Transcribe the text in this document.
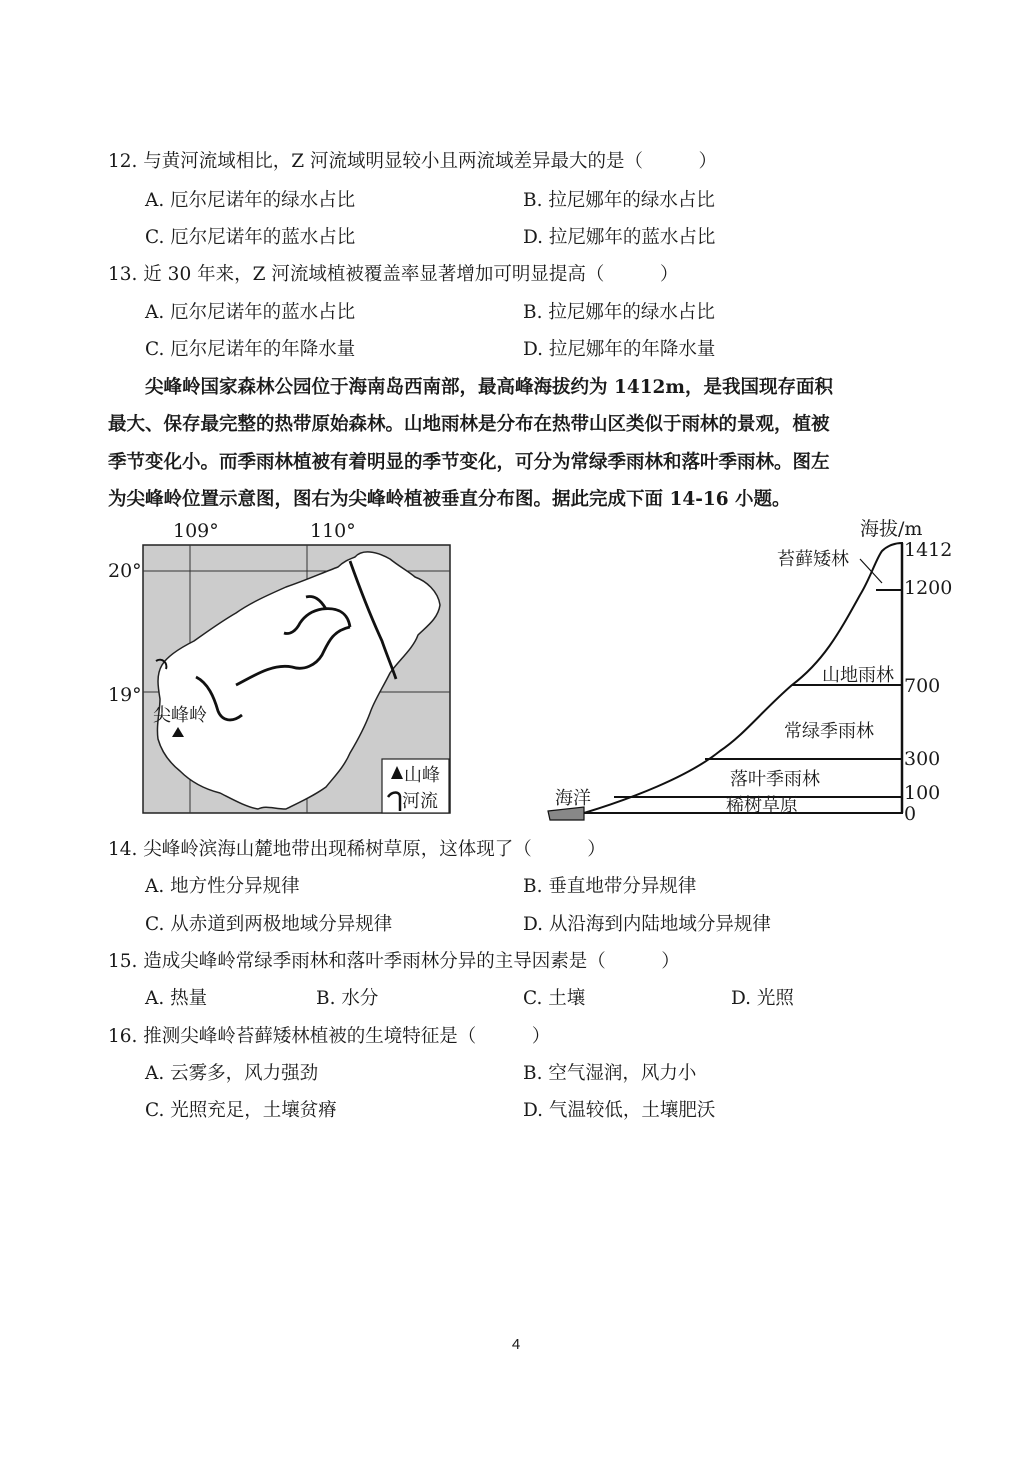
12. 与黄河流域相比，Z 河流域明显较小且两流域差异最大的是（　　　）
A. 厄尔尼诺年的绿水占比	B. 拉尼娜年的绿水占比
C. 厄尔尼诺年的蓝水占比	D. 拉尼娜年的蓝水占比
13. 近 30 年来，Z 河流域植被覆盖率显著增加可明显提高（　　　）
A. 厄尔尼诺年的蓝水占比	B. 拉尼娜年的绿水占比
C. 厄尔尼诺年的年降水量	D. 拉尼娜年的年降水量
　　尖峰岭国家森林公园位于海南岛西南部，最高峰海拔约为 1412m，是我国现存面积
最大、保存最完整的热带原始森林。山地雨林是分布在热带山区类似于雨林的景观，植被
季节变化小。而季雨林植被有着明显的季节变化，可分为常绿季雨林和落叶季雨林。图左
为尖峰岭位置示意图，图右为尖峰岭植被垂直分布图。据此完成下面 14-16 小题。
109°	110°
20°
19°
尖峰岭
山峰
河流
海拔/m
1412
1200
700
300
100
0
苔藓矮林
山地雨林
常绿季雨林
落叶季雨林
稀树草原
海洋
14. 尖峰岭滨海山麓地带出现稀树草原，这体现了（　　　）
A. 地方性分异规律	B. 垂直地带分异规律
C. 从赤道到两极地域分异规律	D. 从沿海到内陆地域分异规律
15. 造成尖峰岭常绿季雨林和落叶季雨林分异的主导因素是（　　　）
A. 热量	B. 水分	C. 土壤	D. 光照
16. 推测尖峰岭苔藓矮林植被的生境特征是（　　　）
A. 云雾多，风力强劲	B. 空气湿润，风力小
C. 光照充足，土壤贫瘠	D. 气温较低，土壤肥沃
4
